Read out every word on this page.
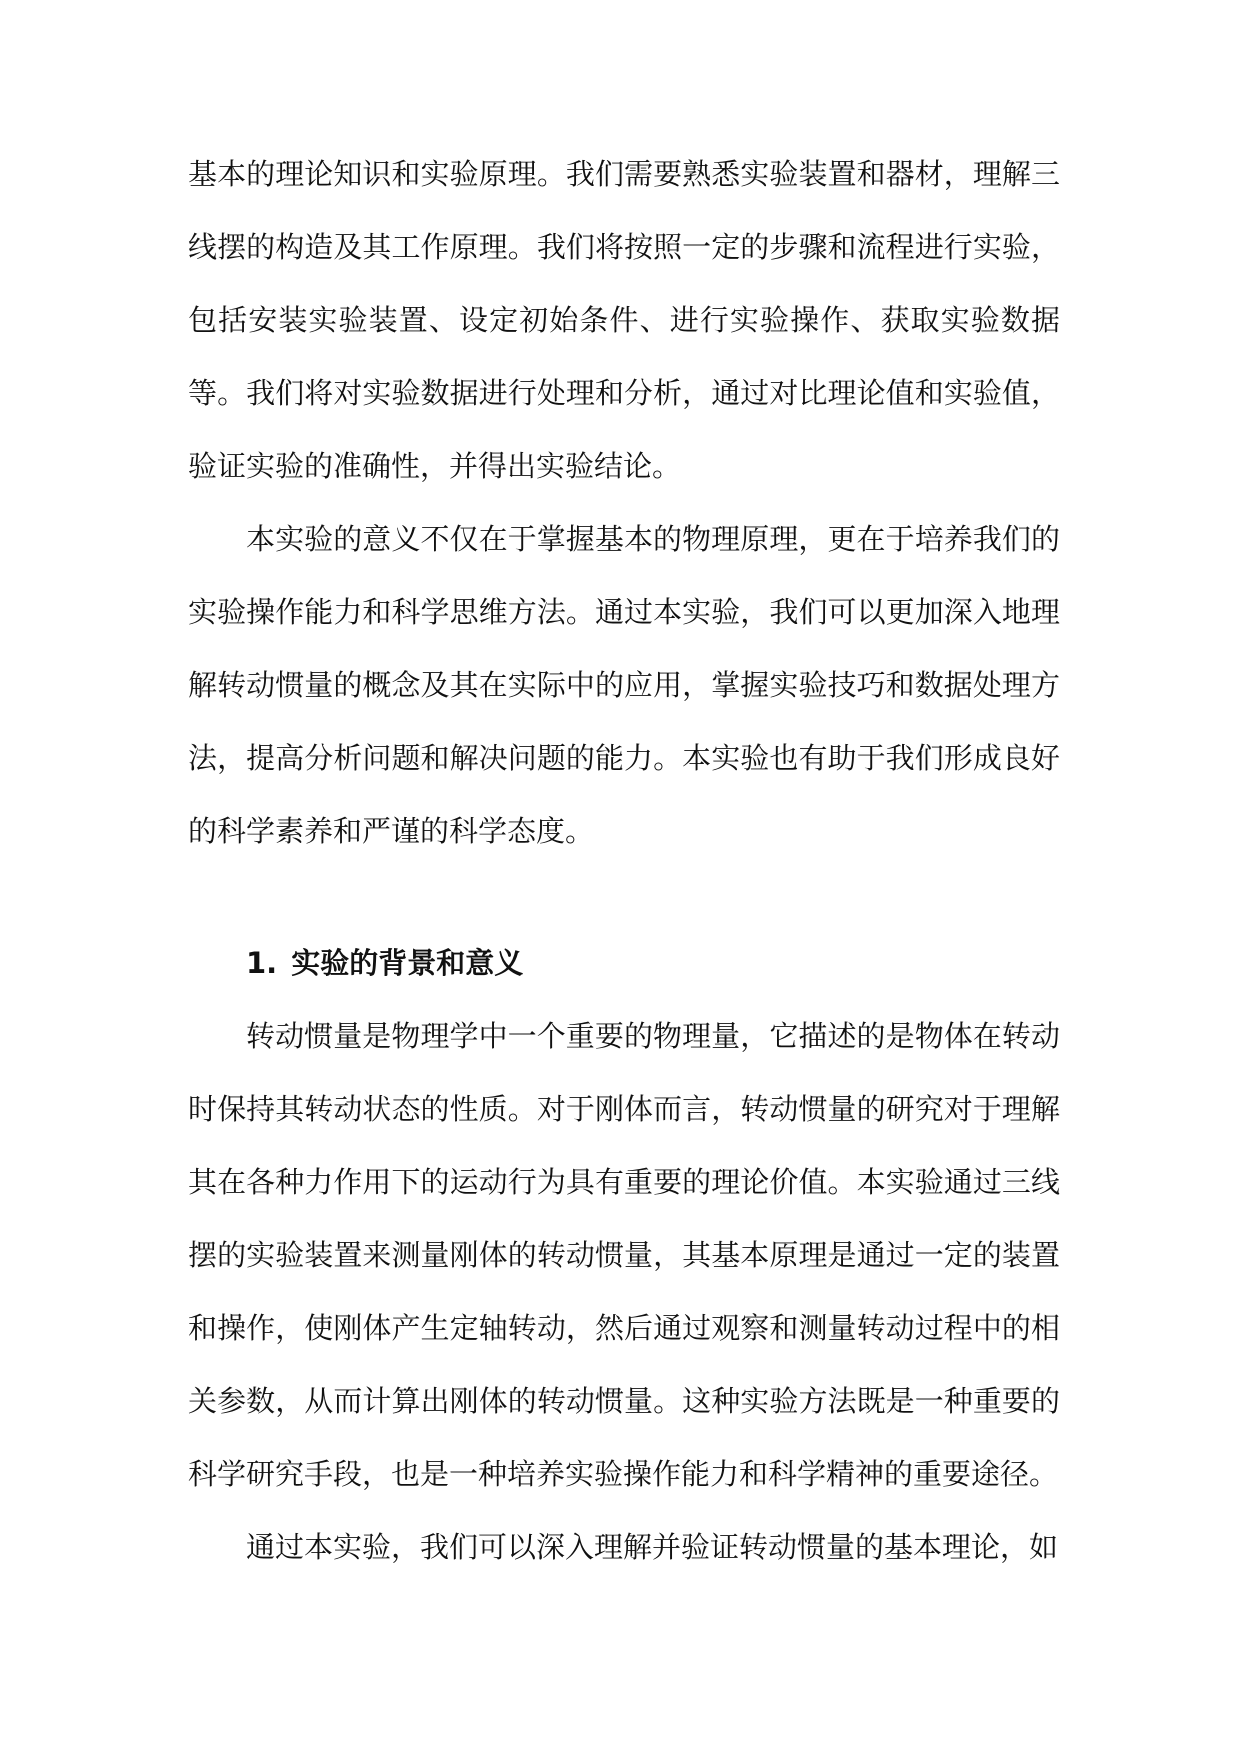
基本的理论知识和实验原理。我们需要熟悉实验装置和器材，理解三线摆的构造及其工作原理。我们将按照一定的步骤和流程进行实验，包括安装实验装置、设定初始条件、进行实验操作、获取实验数据等。我们将对实验数据进行处理和分析，通过对比理论值和实验值，验证实验的准确性，并得出实验结论。

本实验的意义不仅在于掌握基本的物理原理，更在于培养我们的实验操作能力和科学思维方法。通过本实验，我们可以更加深入地理解转动惯量的概念及其在实际中的应用，掌握实验技巧和数据处理方法，提高分析问题和解决问题的能力。本实验也有助于我们形成良好的科学素养和严谨的科学态度。

1. 实验的背景和意义

转动惯量是物理学中一个重要的物理量，它描述的是物体在转动时保持其转动状态的性质。对于刚体而言，转动惯量的研究对于理解其在各种力作用下的运动行为具有重要的理论价值。本实验通过三线摆的实验装置来测量刚体的转动惯量，其基本原理是通过一定的装置和操作，使刚体产生定轴转动，然后通过观察和测量转动过程中的相关参数，从而计算出刚体的转动惯量。这种实验方法既是一种重要的科学研究手段，也是一种培养实验操作能力和科学精神的重要途径。

通过本实验，我们可以深入理解并验证转动惯量的基本理论，如
